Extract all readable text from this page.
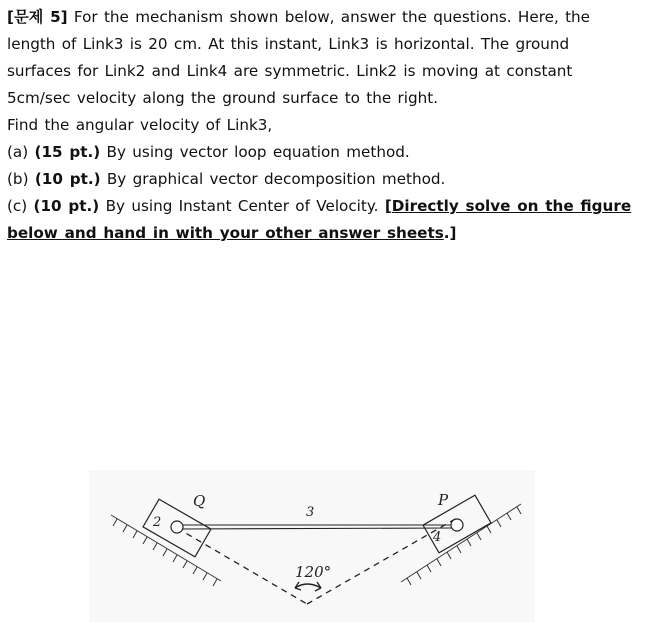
[문제 5] For the mechanism shown below, answer the questions. Here, the
length of Link3 is 20 cm. At this instant, Link3 is horizontal. The ground
surfaces for Link2 and Link4 are symmetric. Link2 is moving at constant
5cm/sec velocity along the ground surface to the right.
Find the angular velocity of Link3,
(a) (15 pt.) By using vector loop equation method.
(b) (10 pt.) By graphical vector decomposition method.
(c) (10 pt.) By using Instant Center of Velocity. [Directly solve on the figure
below and hand in with your other answer sheets.]
2
3
4
Q	P
120°
